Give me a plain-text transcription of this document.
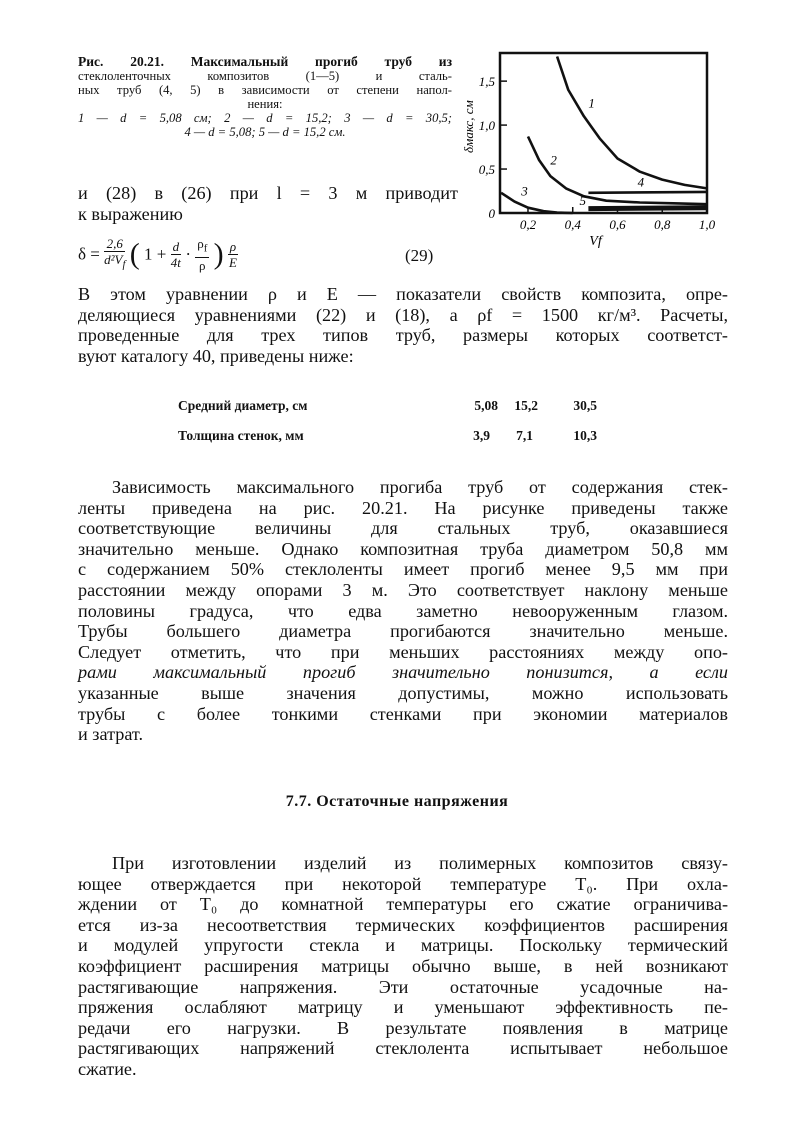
Рис. 20.21. Максимальный прогиб труб из
стеклоленточных композитов (1—5) и сталь-
ных труб (4, 5) в зависимости от степени напол-
нения:
1 — d = 5,08 см; 2 — d = 15,2; 3 — d = 30,5;
4 — d = 5,08; 5 — d = 15,2 см.
0,2 0,4 0,6 0,8 1,0
0
0,5
1,0
1,5
Vf
δмакс, см	1
2
3
4
5
и (28) в (26) при l = 3 м приводит
к выражению
$\delta = \frac{2,6}{d^2V_f}$ ( $1 + \frac{d}{4t} \cdot \frac{\rho_f}{\rho}$ ) $\frac{\rho}{E}$	(29)
В этом уравнении ρ и E — показатели свойств композита, опре-
деляющиеся уравнениями (22) и (18), а ρf = 1500 кг/м³. Расчеты,
проведенные для трех типов труб, размеры которых соответст-
вуют каталогу 40, приведены ниже:
Средний диаметр, см	5,08	15,2	30,5
Толщина стенок, мм	3,9	7,1	10,3
Зависимость максимального прогиба труб от содержания стек-
ленты приведена на рис. 20.21. На рисунке приведены также
соответствующие величины для стальных труб, оказавшиеся
значительно меньше. Однако композитная труба диаметром 50,8 мм
с содержанием 50% стеклоленты имеет прогиб менее 9,5 мм при
расстоянии между опорами 3 м. Это соответствует наклону меньше
половины градуса, что едва заметно невооруженным глазом.
Трубы большего диаметра прогибаются значительно меньше.
Следует отметить, что при меньших расстояниях между опо-
рами максимальный прогиб значительно понизится, а если
указанные выше значения допустимы, можно использовать
трубы с более тонкими стенками при экономии материалов
и затрат.
7.7. Остаточные напряжения
При изготовлении изделий из полимерных композитов связу-
ющее отверждается при некоторой температуре T₀. При охла-
ждении от T₀ до комнатной температуры его сжатие ограничива-
ется из-за несоответствия термических коэффициентов расширения
и модулей упругости стекла и матрицы. Поскольку термический
коэффициент расширения матрицы обычно выше, в ней возникают
растягивающие напряжения. Эти остаточные усадочные на-
пряжения ослабляют матрицу и уменьшают эффективность пе-
редачи его нагрузки. В результате появления в матрице
растягивающих напряжений стеклолента испытывает небольшое
сжатие.
